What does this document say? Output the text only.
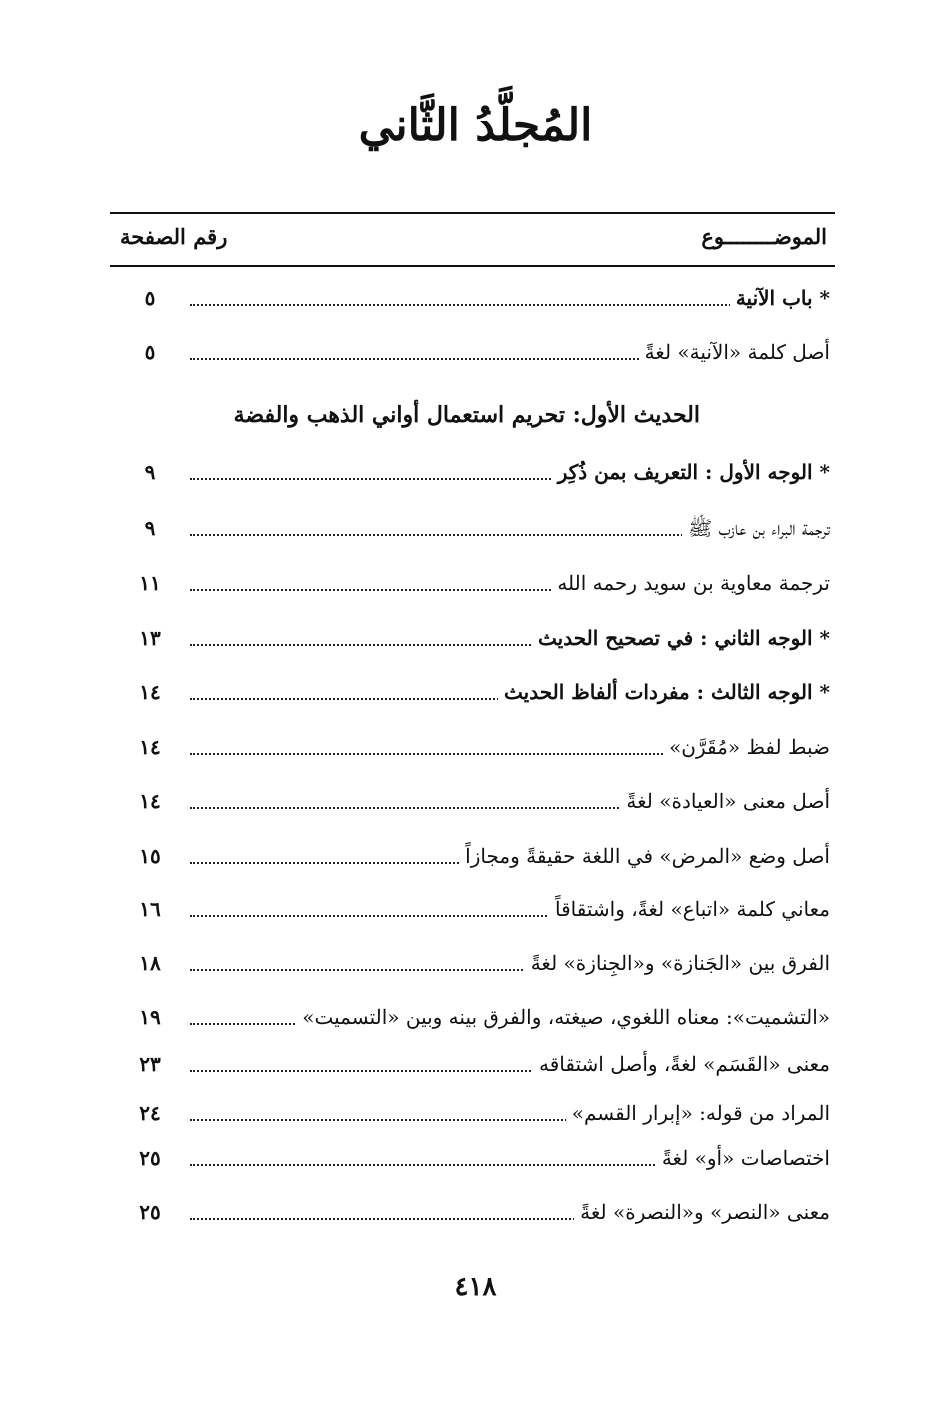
المُجلَّدُ الثَّاني
الموضــــــــوع
رقم الصفحة
الحديث الأول: تحريم استعمال أواني الذهب والفضة
* باب الآنية
٥
أصل كلمة «الآنية» لغةً
٥
* الوجه الأول : التعريف بمن ذُكِر
٩
ترجمة البراء بن عازب ﷺ
٩
ترجمة معاوية بن سويد رحمه الله
١١
* الوجه الثاني : في تصحيح الحديث
١٣
* الوجه الثالث : مفردات ألفاظ الحديث
١٤
ضبط لفظ «مُقَرَّن»
١٤
أصل معنى «العيادة» لغةً
١٤
أصل وضع «المرض» في اللغة حقيقةً ومجازاً
١٥
معاني كلمة «اتباع» لغةً، واشتقاقاً
١٦
الفرق بين «الجَنازة» و«الجِنازة» لغةً
١٨
«التشميت»: معناه اللغوي، صيغته، والفرق بينه وبين «التسميت»
١٩
معنى «القَسَم» لغةً، وأصل اشتقاقه
٢٣
المراد من قوله: «إبرار القسم»
٢٤
اختصاصات «أو» لغةً
٢٥
معنى «النصر» و«النصرة» لغةً
٢٥
٤١٨
